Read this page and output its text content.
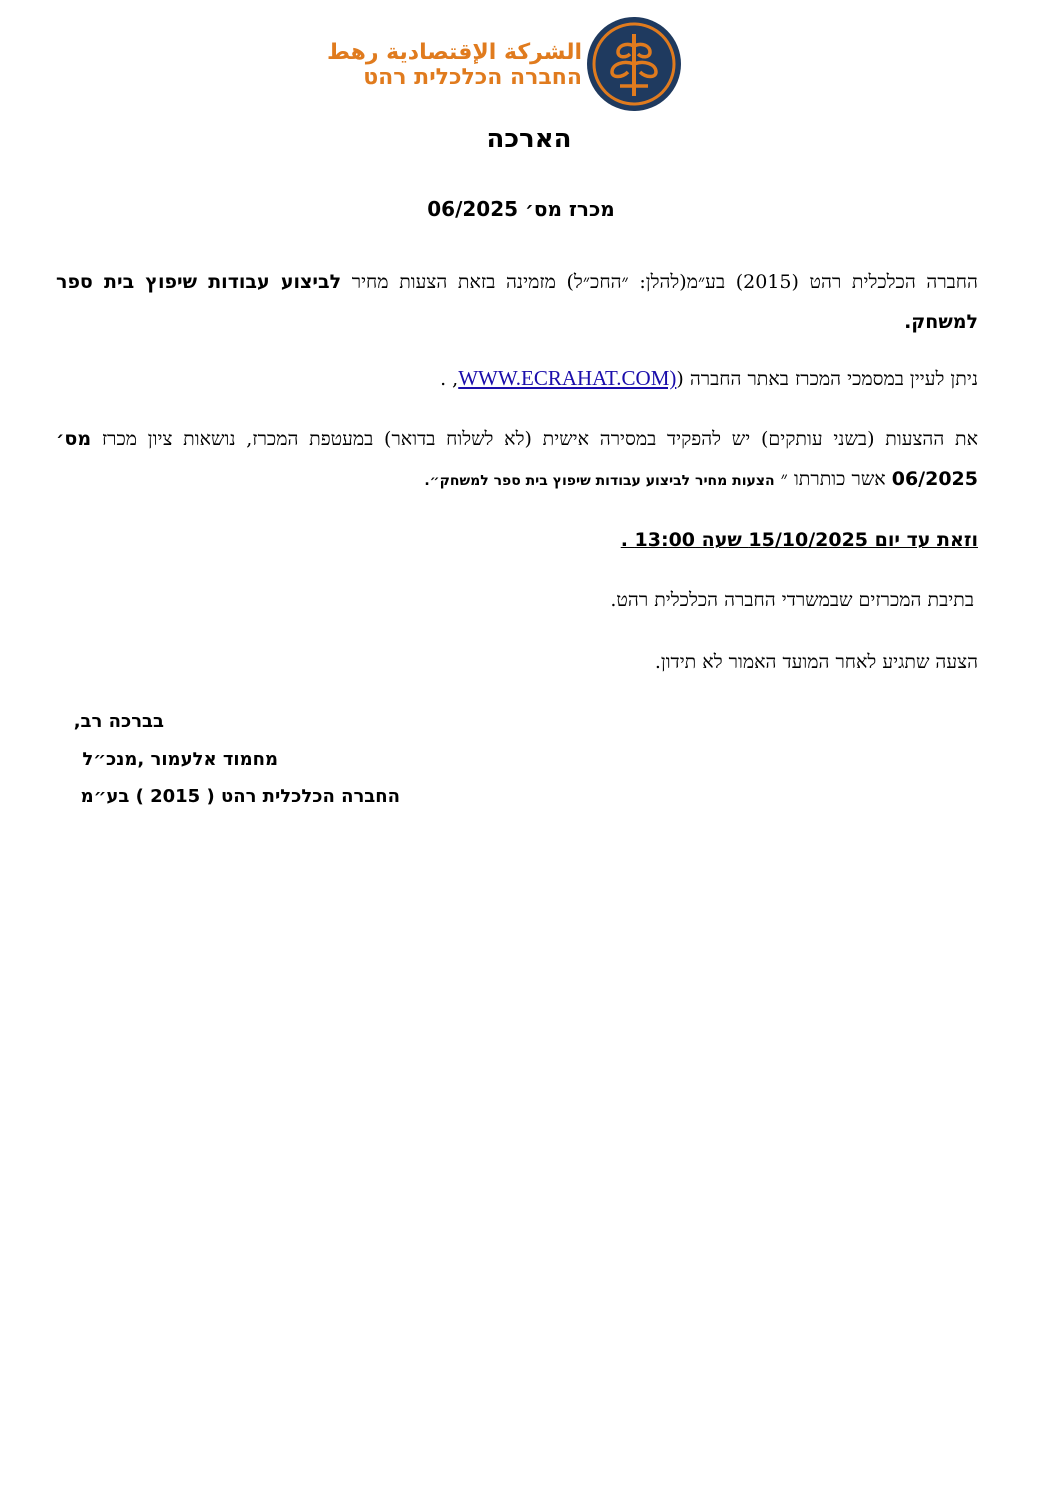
الشركة الإقتصادية رهط
החברה הכלכלית רהט
הארכה
מכרז מס׳ 06/2025
החברה הכלכלית רהט (2015) בע״מ(להלן: ״החכ״ל) מזמינה בזאת הצעות מחיר לביצוע עבודות שיפוץ בית ספר למשחק.
ניתן לעיין במסמכי המכרז באתר החברה (WWW.ECRAHAT.COM), .
את ההצעות (בשני עותקים) יש להפקיד במסירה אישית (לא לשלוח בדואר) במעטפת המכרז, נושאות ציון מכרז מס׳ 06/2025 אשר כותרתו ״ הצעות מחיר לביצוע עבודות שיפוץ בית ספר למשחק״.
וזאת עד יום 15/10/2025 שעה 13:00 .
בתיבת המכרזים שבמשרדי החברה הכלכלית רהט.
הצעה שתגיע לאחר המועד האמור לא תידון.
בברכה רב,
מחמוד אלעמור ,מנכ״ל
החברה הכלכלית רהט ( 2015 ) בע״מ
